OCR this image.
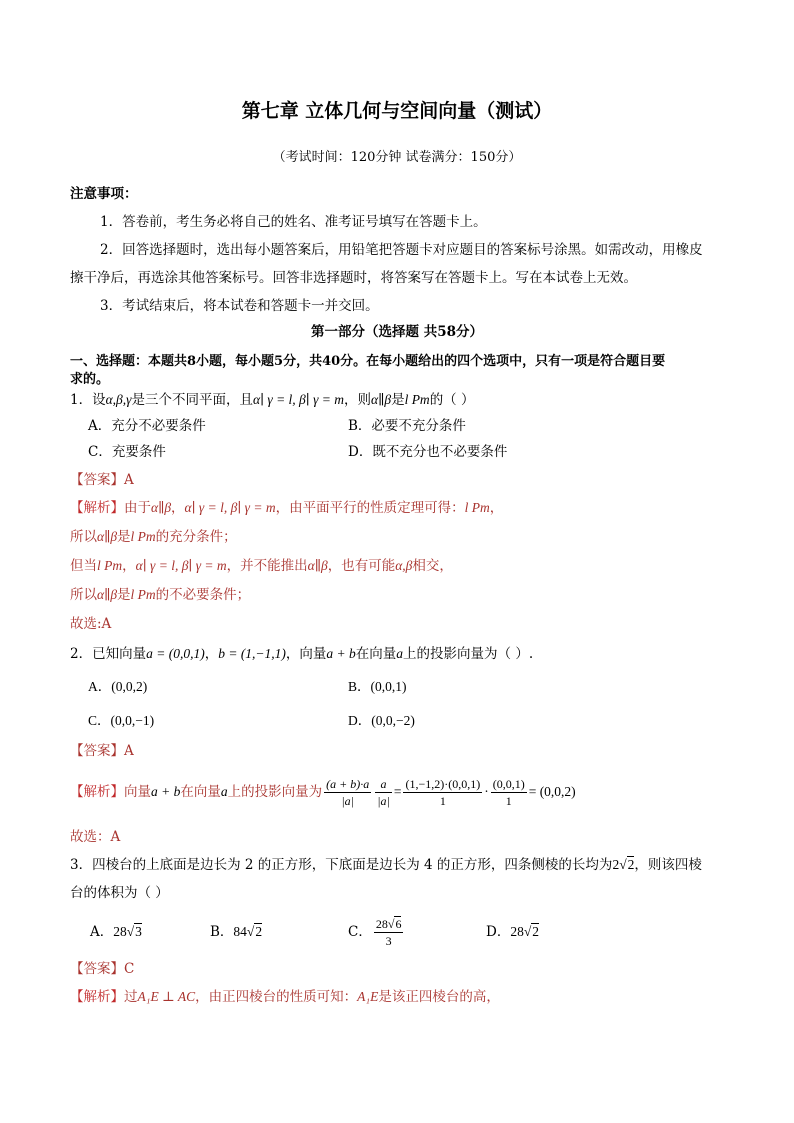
第七章 立体几何与空间向量（测试）
（考试时间：120分钟 试卷满分：150分）
注意事项：
1．答卷前，考生务必将自己的姓名、准考证号填写在答题卡上。
2．回答选择题时，选出每小题答案后，用铅笔把答题卡对应题目的答案标号涂黑。如需改动，用橡皮
擦干净后，再选涂其他答案标号。回答非选择题时，将答案写在答题卡上。写在本试卷上无效。
3．考试结束后，将本试卷和答题卡一并交回。
第一部分（选择题 共58分）
一、选择题：本题共8小题，每小题5分，共40分。在每小题给出的四个选项中，只有一项是符合题目要
求的。
1．设α,β,γ是三个不同平面，且α∣ γ = l, β∣ γ = m，则α∥β是l Pm的（ ）
A．充分不必要条件	B．必要不充分条件
C．充要条件	D．既不充分也不必要条件
【答案】A
【解析】由于α∥β，α∣ γ = l, β∣ γ = m，由平面平行的性质定理可得：l Pm，
所以α∥β是l Pm的充分条件；
但当l Pm，α∣ γ = l, β∣ γ = m，并不能推出α∥β，也有可能α,β相交，
所以α∥β是l Pm的不必要条件；
故选:A
2．已知向量a = (0,0,1)，b = (1,−1,1)，向量a + b在向量a上的投影向量为（ ）.
A．(0,0,2)	B．(0,0,1)
C．(0,0,−1)	D．(0,0,−2)
【答案】A
【解析】向量a + b在向量a上的投影向量为 $\frac{(a + b)\cdot a}{|a|} \frac{a}{|a|} = \frac{(1,-1,2)\cdot(0,0,1)}{1} \cdot \frac{(0,0,1)}{1} = (0,0,2)$
故选：A
3．四棱台的上底面是边长为 2 的正方形，下底面是边长为 4 的正方形，四条侧棱的长均为2√2，则该四棱
台的体积为（ ）
A．28√3	B．84√2	C． $\frac{28√6}{3}$	D．28√2
【答案】C
【解析】过A₁E ⊥ AC，由正四棱台的性质可知：A₁E是该正四棱台的高，
